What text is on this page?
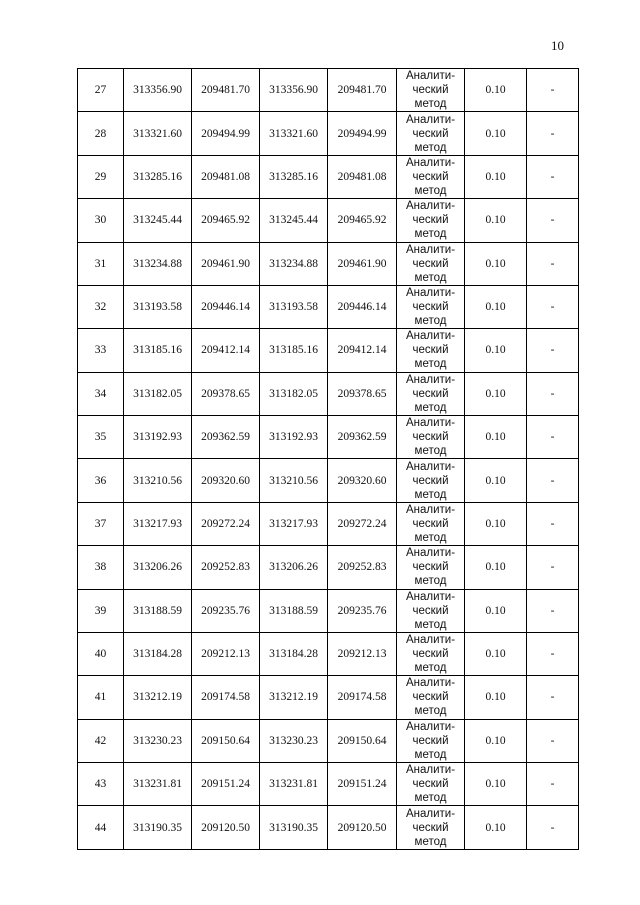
10
27	313356.90	209481.70	313356.90	209481.70	Аналити-
ческий
метод	0.10	-
28	313321.60	209494.99	313321.60	209494.99	Аналити-
ческий
метод	0.10	-
29	313285.16	209481.08	313285.16	209481.08	Аналити-
ческий
метод	0.10	-
30	313245.44	209465.92	313245.44	209465.92	Аналити-
ческий
метод	0.10	-
31	313234.88	209461.90	313234.88	209461.90	Аналити-
ческий
метод	0.10	-
32	313193.58	209446.14	313193.58	209446.14	Аналити-
ческий
метод	0.10	-
33	313185.16	209412.14	313185.16	209412.14	Аналити-
ческий
метод	0.10	-
34	313182.05	209378.65	313182.05	209378.65	Аналити-
ческий
метод	0.10	-
35	313192.93	209362.59	313192.93	209362.59	Аналити-
ческий
метод	0.10	-
36	313210.56	209320.60	313210.56	209320.60	Аналити-
ческий
метод	0.10	-
37	313217.93	209272.24	313217.93	209272.24	Аналити-
ческий
метод	0.10	-
38	313206.26	209252.83	313206.26	209252.83	Аналити-
ческий
метод	0.10	-
39	313188.59	209235.76	313188.59	209235.76	Аналити-
ческий
метод	0.10	-
40	313184.28	209212.13	313184.28	209212.13	Аналити-
ческий
метод	0.10	-
41	313212.19	209174.58	313212.19	209174.58	Аналити-
ческий
метод	0.10	-
42	313230.23	209150.64	313230.23	209150.64	Аналити-
ческий
метод	0.10	-
43	313231.81	209151.24	313231.81	209151.24	Аналити-
ческий
метод	0.10	-
44	313190.35	209120.50	313190.35	209120.50	Аналити-
ческий
метод	0.10	-
